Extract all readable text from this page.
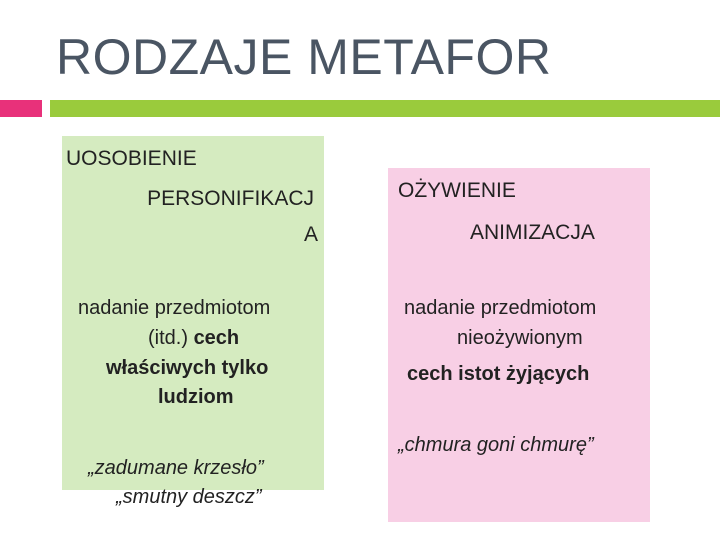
RODZAJE METAFOR

UOSOBIENIE

PERSONIFIKACJ

A

nadanie przedmiotom

(itd.) cech

właściwych tylko

ludziom

„zadumane krzesło”

„smutny deszcz”

OŻYWIENIE

ANIMIZACJA

nadanie przedmiotom

nieożywionym

cech istot żyjących

„chmura goni chmurę”
